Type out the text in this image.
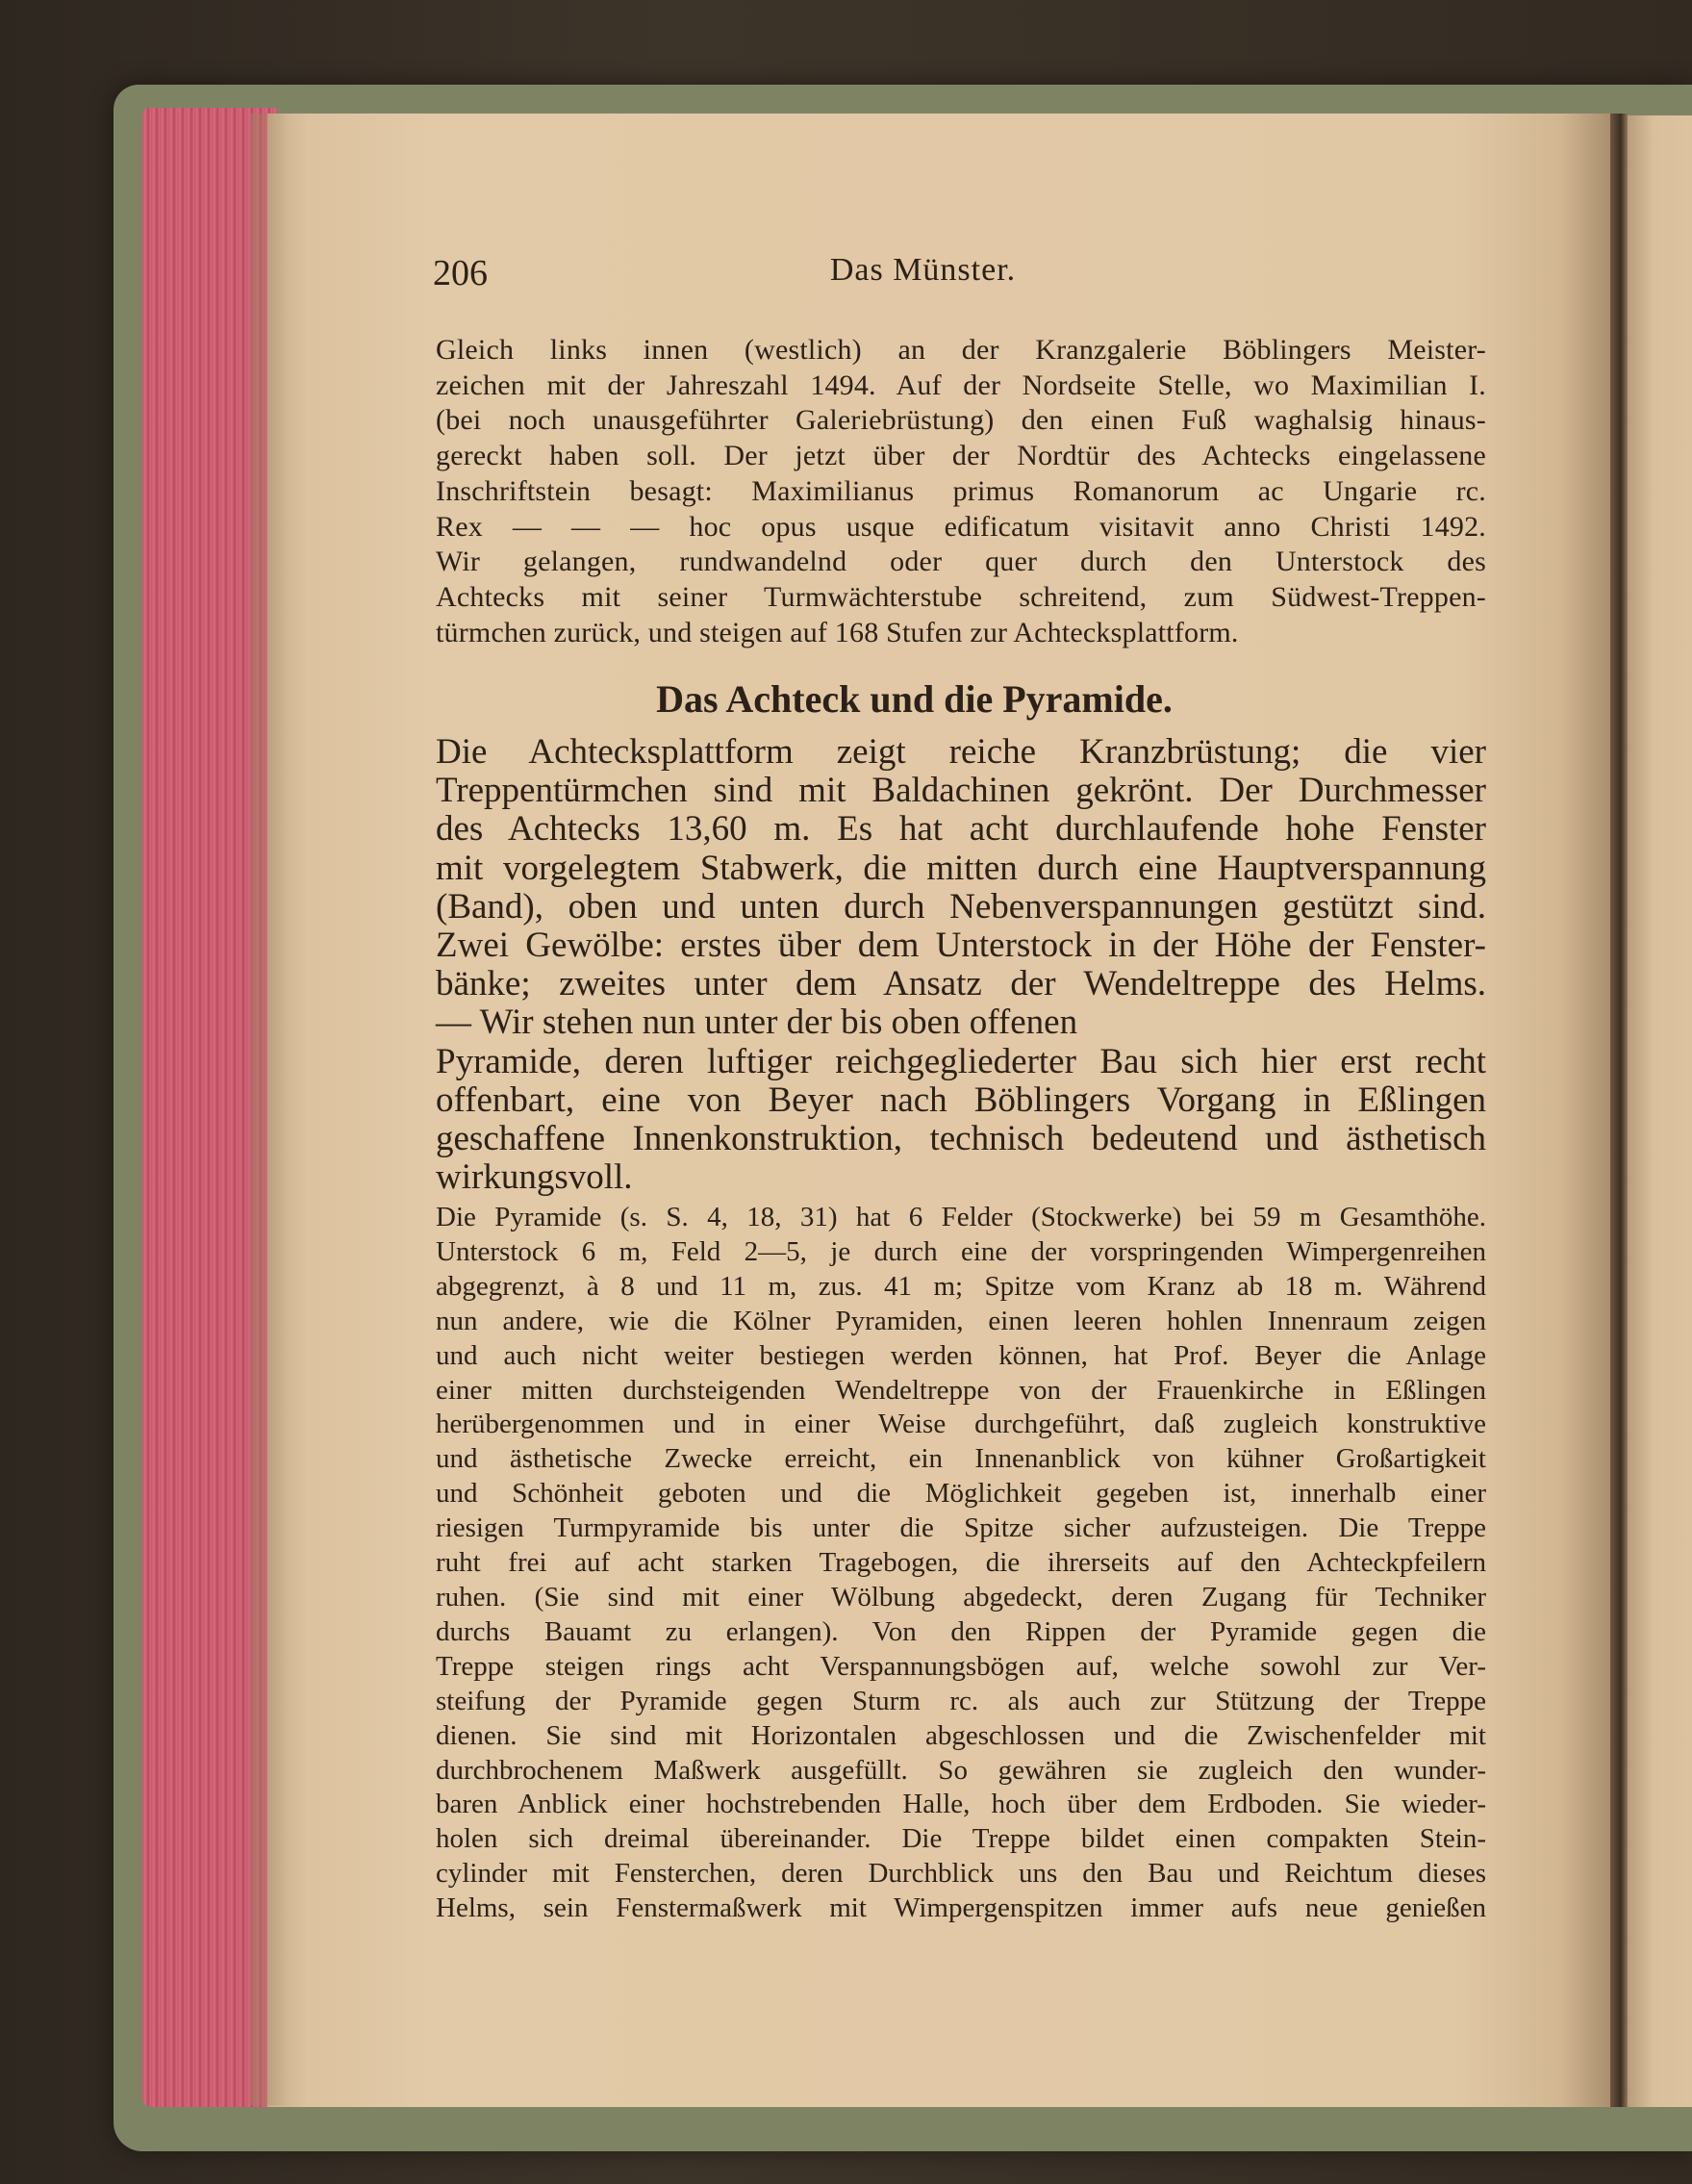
206	Das Münster.

Gleich links innen (westlich) an der Kranzgalerie Böblingers Meister-

zeichen mit der Jahreszahl 1494. Auf der Nordseite Stelle, wo Maximilian I.

(bei noch unausgeführter Galeriebrüstung) den einen Fuß waghalsig hinaus-

gereckt haben soll. Der jetzt über der Nordtür des Achtecks eingelassene

Inschriftstein besagt: Maximilianus primus Romanorum ac Ungarie rc.

Rex — — — hoc opus usque edificatum visitavit anno Christi 1492.

Wir gelangen, rundwandelnd oder quer durch den Unterstock des

Achtecks mit seiner Turmwächterstube schreitend, zum Südwest-Treppen-

türmchen zurück, und steigen auf 168 Stufen zur Achtecksplattform.

Das Achteck und die Pyramide.

Die Achtecksplattform zeigt reiche Kranzbrüstung; die vier

Treppentürmchen sind mit Baldachinen gekrönt. Der Durchmesser

des Achtecks 13,60 m. Es hat acht durchlaufende hohe Fenster

mit vorgelegtem Stabwerk, die mitten durch eine Hauptverspannung

(Band), oben und unten durch Nebenverspannungen gestützt sind.

Zwei Gewölbe: erstes über dem Unterstock in der Höhe der Fenster-

bänke; zweites unter dem Ansatz der Wendeltreppe des Helms.

— Wir stehen nun unter der bis oben offenen

Pyramide, deren luftiger reichgegliederter Bau sich hier erst recht

offenbart, eine von Beyer nach Böblingers Vorgang in Eßlingen

geschaffene Innenkonstruktion, technisch bedeutend und ästhetisch

wirkungsvoll.

Die Pyramide (s. S. 4, 18, 31) hat 6 Felder (Stockwerke) bei 59 m Gesamthöhe.

Unterstock 6 m, Feld 2—5, je durch eine der vorspringenden Wimpergenreihen

abgegrenzt, à 8 und 11 m, zus. 41 m; Spitze vom Kranz ab 18 m. Während

nun andere, wie die Kölner Pyramiden, einen leeren hohlen Innenraum zeigen

und auch nicht weiter bestiegen werden können, hat Prof. Beyer die Anlage

einer mitten durchsteigenden Wendeltreppe von der Frauenkirche in Eßlingen

herübergenommen und in einer Weise durchgeführt, daß zugleich konstruktive

und ästhetische Zwecke erreicht, ein Innenanblick von kühner Großartigkeit

und Schönheit geboten und die Möglichkeit gegeben ist, innerhalb einer

riesigen Turmpyramide bis unter die Spitze sicher aufzusteigen. Die Treppe

ruht frei auf acht starken Tragebogen, die ihrerseits auf den Achteckpfeilern

ruhen. (Sie sind mit einer Wölbung abgedeckt, deren Zugang für Techniker

durchs Bauamt zu erlangen). Von den Rippen der Pyramide gegen die

Treppe steigen rings acht Verspannungsbögen auf, welche sowohl zur Ver-

steifung der Pyramide gegen Sturm rc. als auch zur Stützung der Treppe

dienen. Sie sind mit Horizontalen abgeschlossen und die Zwischenfelder mit

durchbrochenem Maßwerk ausgefüllt. So gewähren sie zugleich den wunder-

baren Anblick einer hochstrebenden Halle, hoch über dem Erdboden. Sie wieder-

holen sich dreimal übereinander. Die Treppe bildet einen compakten Stein-

cylinder mit Fensterchen, deren Durchblick uns den Bau und Reichtum dieses

Helms, sein Fenstermaßwerk mit Wimpergenspitzen immer aufs neue genießen
